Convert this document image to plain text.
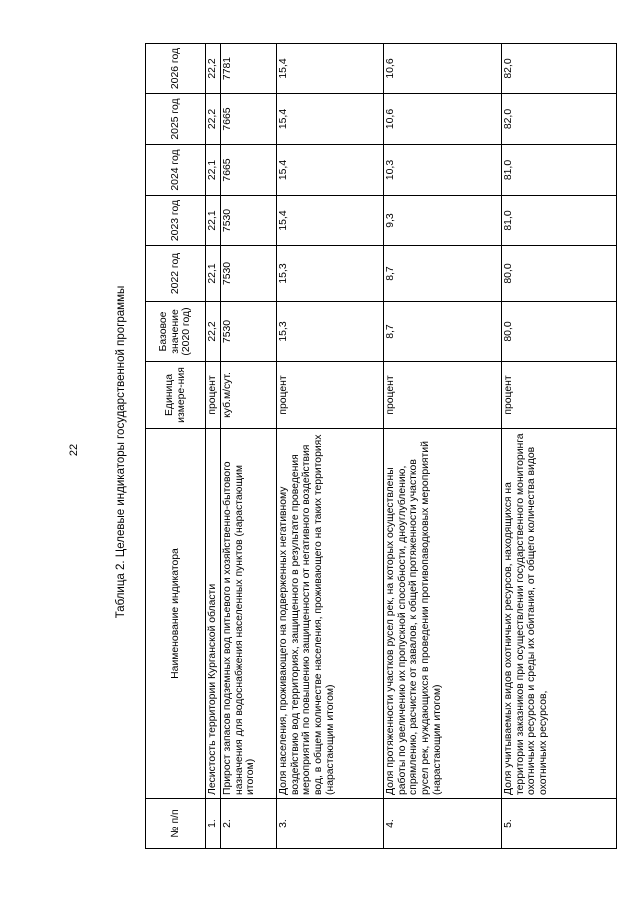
22	Таблица 2. Целевые индикаторы государственной программы
№ п/п	Наименование индикатора	Единица измере-ния	Базовое значение (2020 год)	2022 год	2023 год	2024 год	2025 год	2026 год
1.	Лесистость территории Курганской области	процент	22,2	22,1	22,1	22,1	22,2	22,2
2.	Прирост запасов подземных вод питьевого и хозяйственно-бытового назначения для водоснабжения населенных пунктов (нарастающим итогом)	куб.м/сут.	7530	7530	7530	7665	7665	7781
3.	Доля населения, проживающего на подверженных негативному воздействию вод территориях, защищенного в результате проведения мероприятий по повышению защищенности от негативного воздействия вод, в общем количестве населения, проживающего на таких территориях (нарастающим итогом)	процент	15,3	15,3	15,4	15,4	15,4	15,4
4.	Доля протяженности участков русел рек, на которых осуществлены работы по увеличению их пропускной способности, дноуглублению, спрямлению, расчистке от завалов, к общей протяженности участков русел рек, нуждающихся в проведении противопаводковых мероприятий (нарастающим итогом)	процент	8,7	8,7	9,3	10,3	10,6	10,6
5.	Доля учитываемых видов охотничьих ресурсов, находящихся на территории заказников при осуществлении государственного мониторинга охотничьих ресурсов и среды их обитания, от общего количества видов охотничьих ресурсов,	процент	80,0	80,0	81,0	81,0	82,0	82,0
